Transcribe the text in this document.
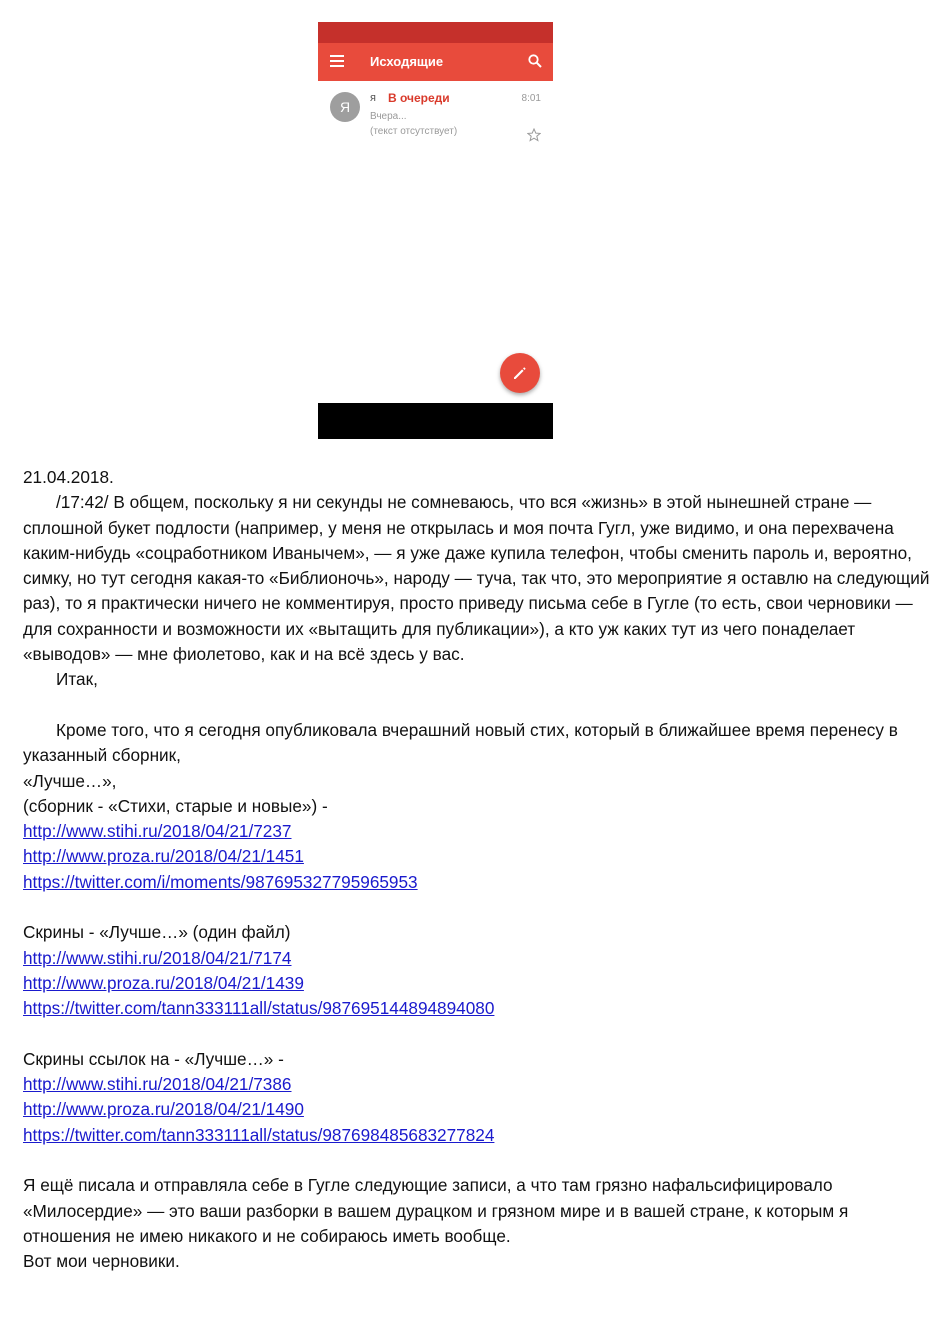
Исходящие
Я
я В очереди	8:01
Вчера...
(текст отсутствует)

21.04.2018.

/17:42/ В общем, поскольку я ни секунды не сомневаюсь, что вся «жизнь» в этой нынешней стране — сплошной букет подлости (например, у меня не открылась и моя почта Гугл, уже видимо, и она перехвачена каким-нибудь «соцработником Иванычем», — я уже даже купила телефон, чтобы сменить пароль и, вероятно, симку, но тут сегодня какая-то «Библионочь», народу — туча, так что, это мероприятие я оставлю на следующий раз), то я практически ничего не комментируя, просто приведу письма себе в Гугле (то есть, свои черновики — для сохранности и возможности их «вытащить для публикации»), а кто уж каких тут из чего понаделает «выводов» — мне фиолетово, как и на всё здесь у вас.

Итак,

Кроме того, что я сегодня опубликовала вчерашний новый стих, который в ближайшее время перенесу в указанный сборник,

«Лучше…»,

(сборник - «Стихи, старые и новые») -

http://www.stihi.ru/2018/04/21/7237

http://www.proza.ru/2018/04/21/1451

https://twitter.com/i/moments/987695327795965953

Скрины - «Лучше…» (один файл)

http://www.stihi.ru/2018/04/21/7174

http://www.proza.ru/2018/04/21/1439

https://twitter.com/tann333111all/status/987695144894894080

Скрины ссылок на - «Лучше…» -

http://www.stihi.ru/2018/04/21/7386

http://www.proza.ru/2018/04/21/1490

https://twitter.com/tann333111all/status/987698485683277824

Я ещё писала и отправляла себе в Гугле следующие записи, а что там грязно нафальсифицировало «Милосердие» — это ваши разборки в вашем дурацком и грязном мире и в вашей стране, к которым я отношения не имею никакого и не собираюсь иметь вообще.

Вот мои черновики.
